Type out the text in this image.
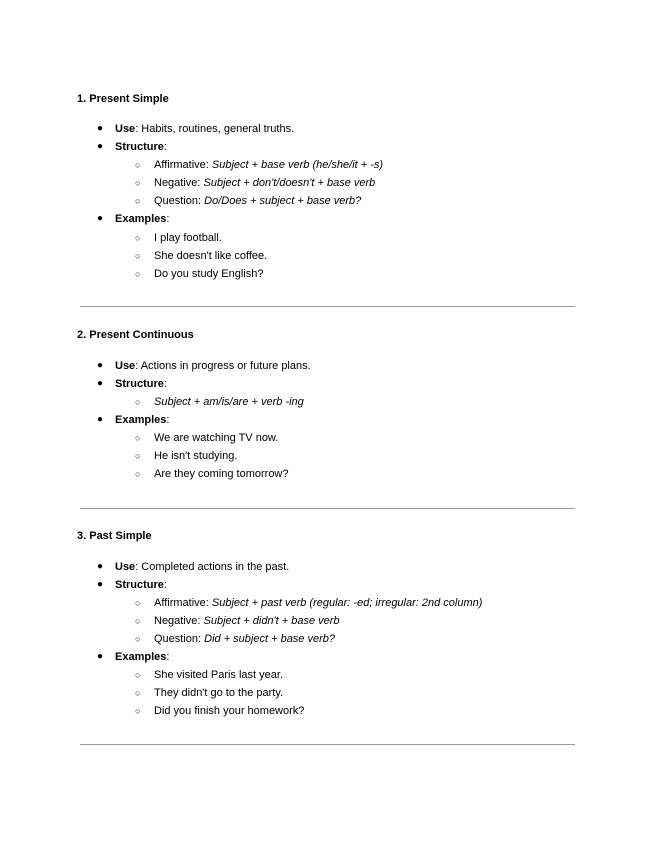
1. Present Simple
● Use: Habits, routines, general truths.
● Structure:
○ Affirmative: Subject + base verb (he/she/it + -s)
○ Negative: Subject + don't/doesn't + base verb
○ Question: Do/Does + subject + base verb?
● Examples:
○ I play football.
○ She doesn't like coffee.
○ Do you study English?
2. Present Continuous
● Use: Actions in progress or future plans.
● Structure:
○ Subject + am/is/are + verb -ing
● Examples:
○ We are watching TV now.
○ He isn't studying.
○ Are they coming tomorrow?
3. Past Simple
● Use: Completed actions in the past.
● Structure:
○ Affirmative: Subject + past verb (regular: -ed; irregular: 2nd column)
○ Negative: Subject + didn't + base verb
○ Question: Did + subject + base verb?
● Examples:
○ She visited Paris last year.
○ They didn't go to the party.
○ Did you finish your homework?
